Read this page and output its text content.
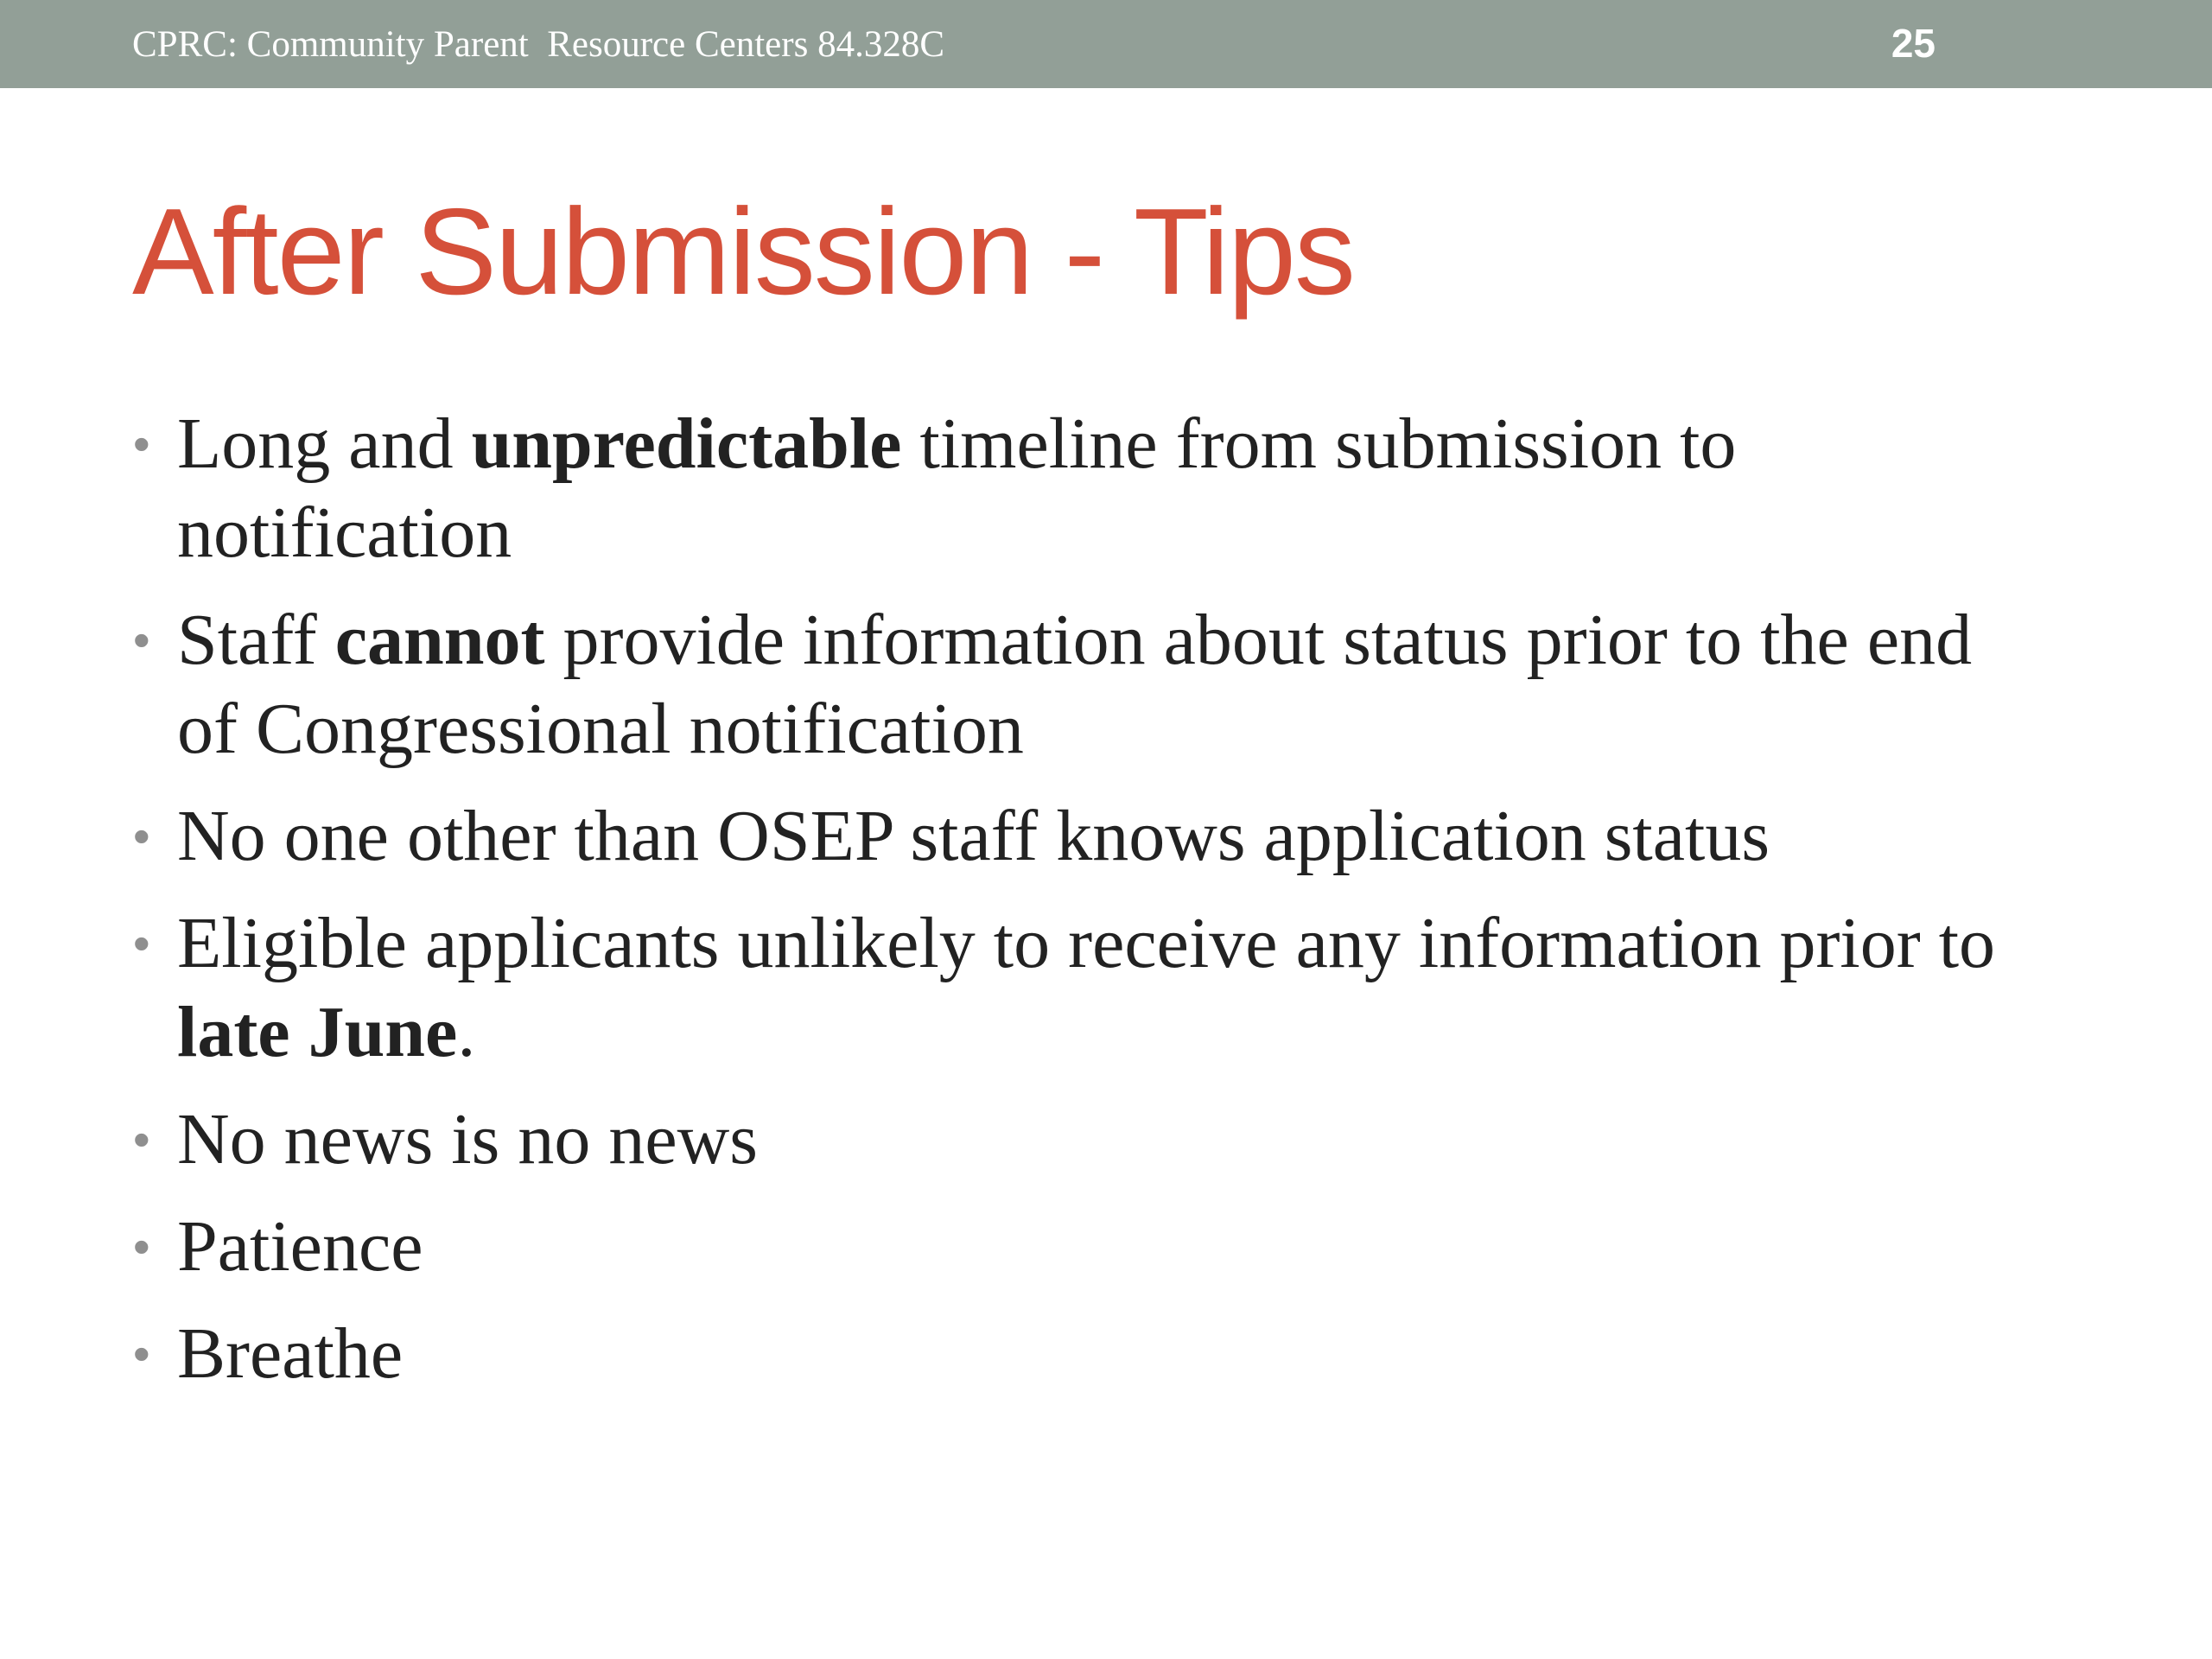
CPRC: Community Parent  Resource Centers 84.328C	25
After Submission - Tips
• Long and unpredictable timeline from submission to notification
• Staff cannot provide information about status prior to the end of Congressional notification
• No one other than OSEP staff knows application status
• Eligible applicants unlikely to receive any information prior to late June.
• No news is no news
• Patience
• Breathe
